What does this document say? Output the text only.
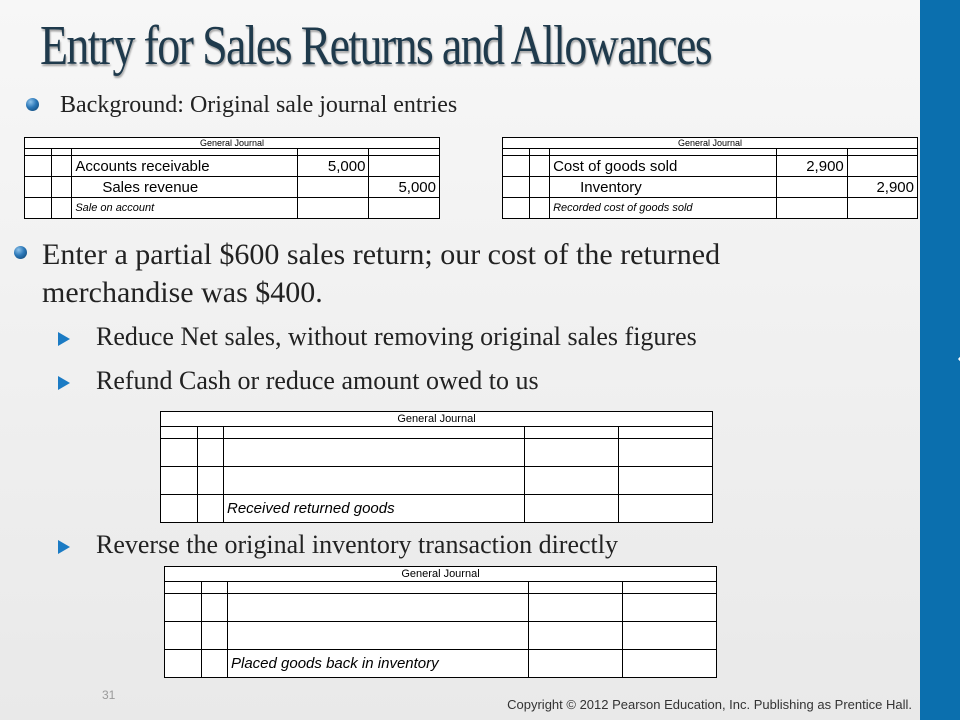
Entry for Sales Returns and Allowances
Background: Original sale journal entries
General Journal				

		Accounts receivable	5,000	
		Sales revenue		5,000
		Sale on account		
General Journal				

		Cost of goods sold	2,900	
		Inventory		2,900
		Recorded cost of goods sold		
Enter a partial $600 sales return; our cost of the returned merchandise was $400.
Reduce Net sales, without removing original sales figures
Refund Cash or reduce amount owed to us
General Journal				

		Received returned goods		
Reverse the original inventory transaction directly
General Journal				

		Placed goods back in inventory		
31
Copyright © 2012 Pearson Education, Inc. Publishing as Prentice Hall.
